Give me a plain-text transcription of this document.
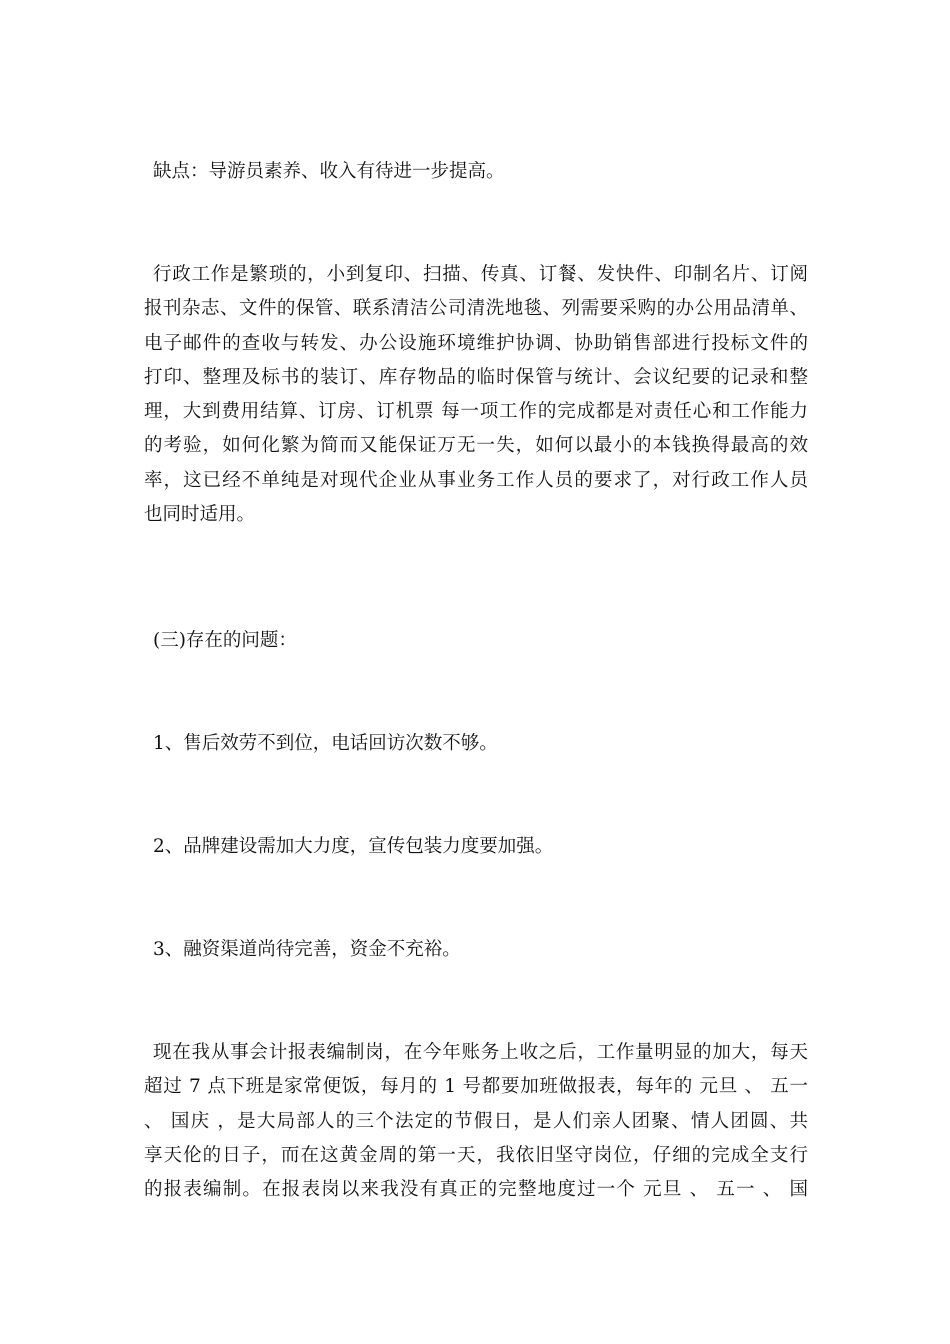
缺点：导游员素养、收入有待进一步提高。
行政工作是繁琐的，小到复印、扫描、传真、订餐、发快件、印制名片、订阅
报刊杂志、文件的保管、联系清洁公司清洗地毯、列需要采购的办公用品清单、
电子邮件的查收与转发、办公设施环境维护协调、协助销售部进行投标文件的
打印、整理及标书的装订、库存物品的临时保管与统计、会议纪要的记录和整
理，大到费用结算、订房、订机票 每一项工作的完成都是对责任心和工作能力
的考验，如何化繁为简而又能保证万无一失，如何以最小的本钱换得最高的效
率，这已经不单纯是对现代企业从事业务工作人员的要求了，对行政工作人员
也同时适用。
(三)存在的问题：
1、售后效劳不到位，电话回访次数不够。
2、品牌建设需加大力度，宣传包装力度要加强。
3、融资渠道尚待完善，资金不充裕。
现在我从事会计报表编制岗，在今年账务上收之后，工作量明显的加大，每天
超过 7 点下班是家常便饭，每月的 1 号都要加班做报表，每年的 元旦 、 五一
、 国庆 ，是大局部人的三个法定的节假日，是人们亲人团聚、情人团圆、共
享天伦的日子，而在这黄金周的第一天，我依旧坚守岗位，仔细的完成全支行
的报表编制。在报表岗以来我没有真正的完整地度过一个 元旦 、 五一 、 国
